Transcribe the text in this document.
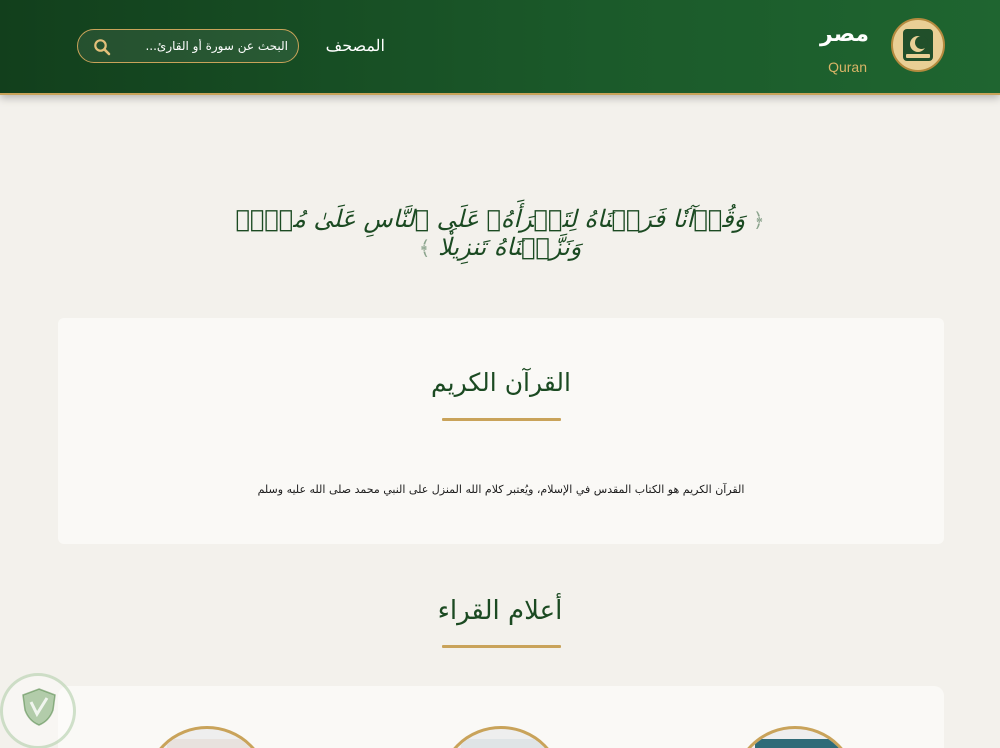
مصر
Quran
المصحف
البحث عن سورة أو القارئ...
﴿ وَقُرۡآنٗا فَرَقۡنَاهُ لِتَقۡرَأَهُۥ عَلَى ٱلنَّاسِ عَلَىٰ مُكۡثٖ وَنَزَّلۡنَاهُ تَنزِيلٗا ﴾
القرآن الكريم
القرآن الكريم هو الكتاب المقدس في الإسلام، ويُعتبر كلام الله المنزل على النبي محمد صلى الله عليه وسلم
أعلام القراء
